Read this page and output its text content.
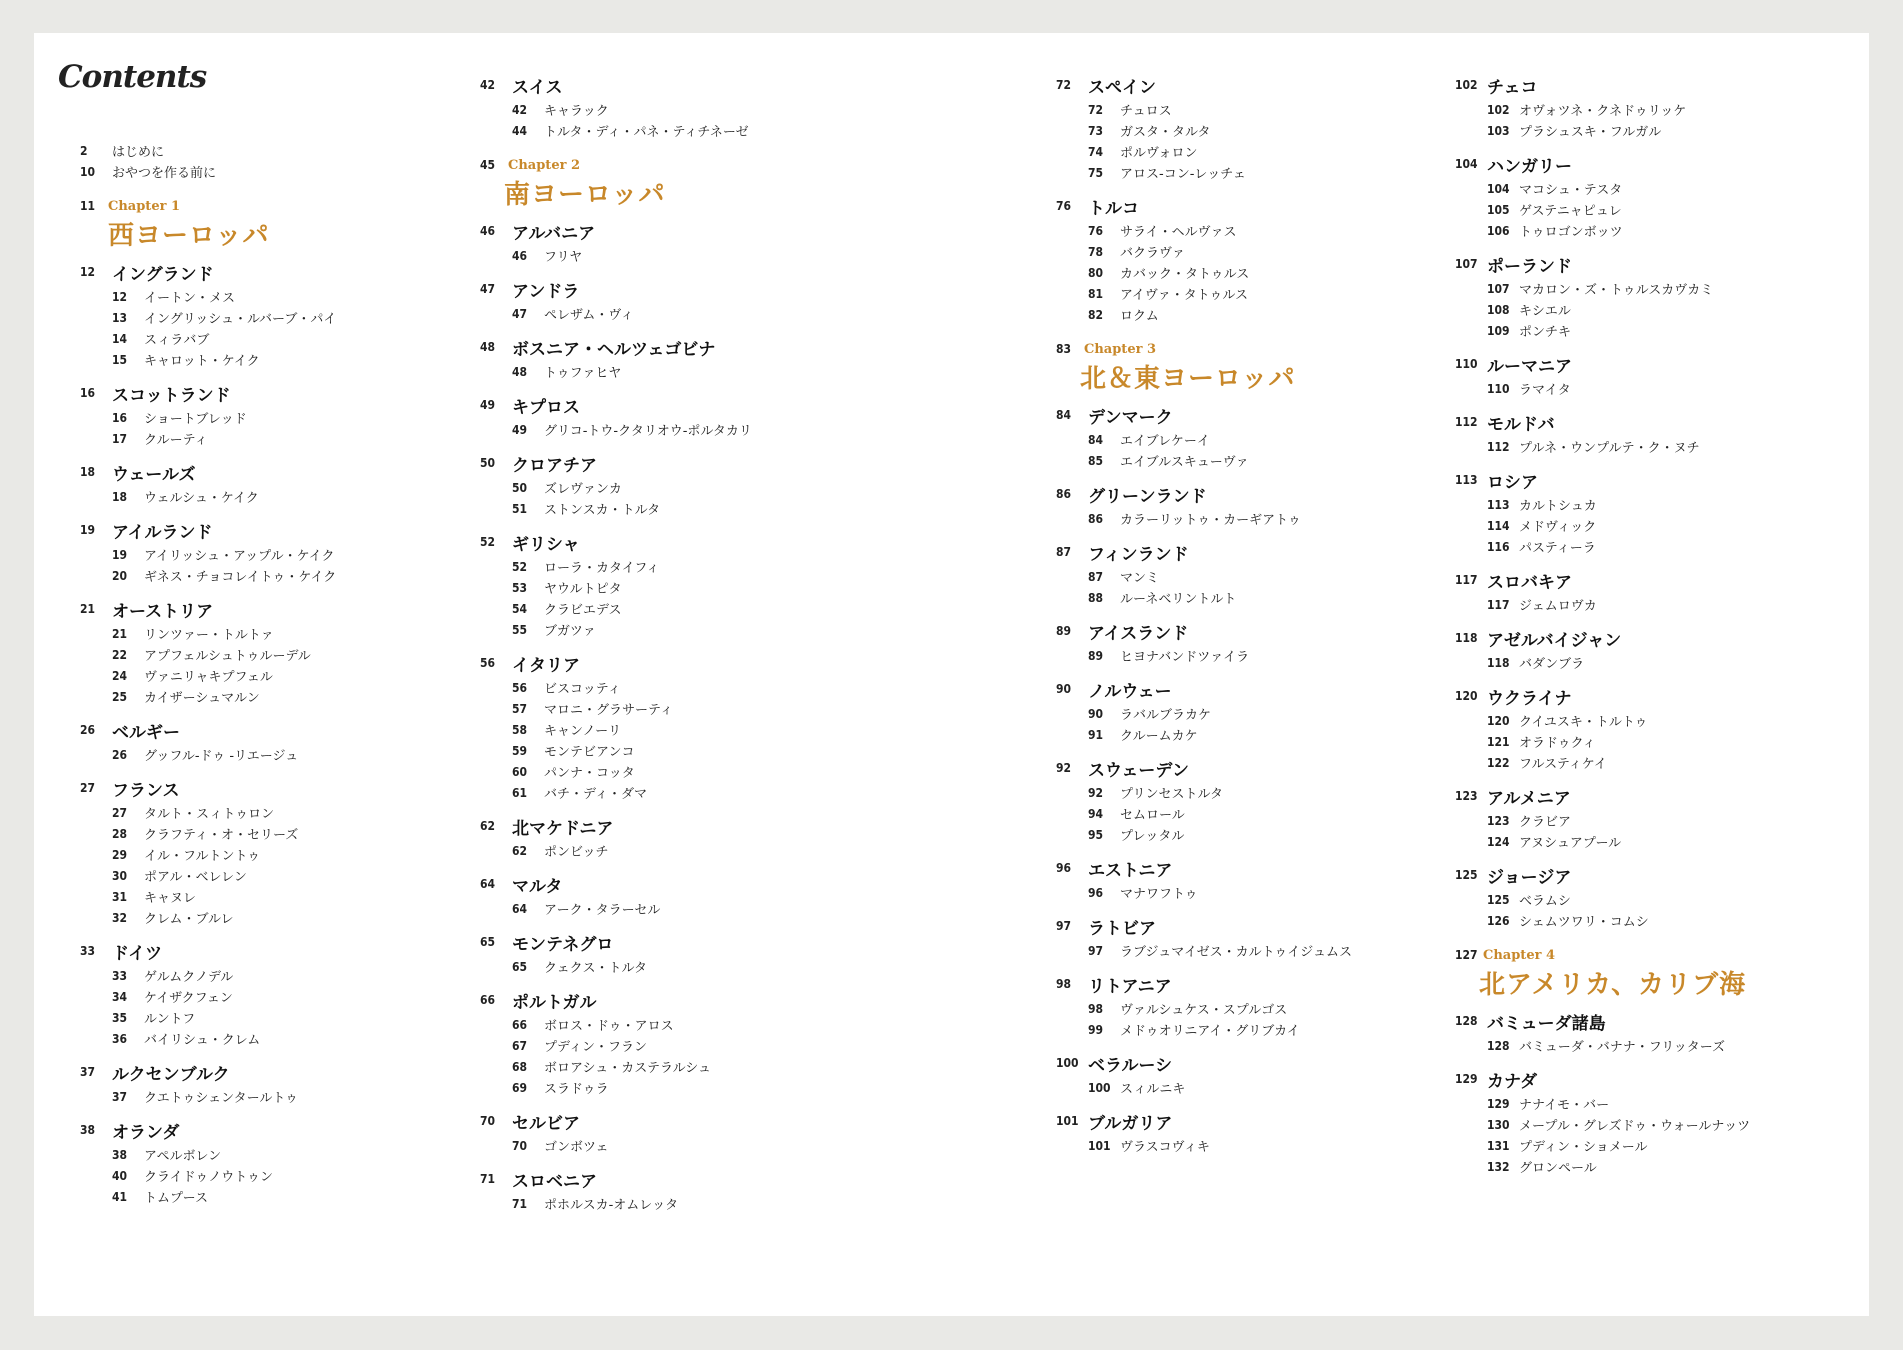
Contents
2	はじめに
10	おやつを作る前に
11 Chapter 1
西ヨーロッパ
12 イングランド
12	イートン・メス
13	イングリッシュ・ルバーブ・パイ
14	スィラバブ
15	キャロット・ケイク
16 スコットランド
16	ショートブレッド
17	クルーティ
18 ウェールズ
18	ウェルシュ・ケイク
19 アイルランド
19	アイリッシュ・アップル・ケイク
20	ギネス・チョコレイトゥ・ケイク
21 オーストリア
21	リンツァー・トルトァ
22	アプフェルシュトゥルーデル
24	ヴァニリャキプフェル
25	カイザーシュマルン
26 ベルギー
26	グッフル-ドゥ -リエージュ
27 フランス
27	タルト・スィトゥロン
28	クラフティ・オ・セリーズ
29	イル・フルトントゥ
30	ポアル・ベレレン
31	キャヌレ
32	クレム・ブルレ
33 ドイツ
33	ゲルムクノデル
34	ケイザクフェン
35	ルントフ
36	バイリシュ・クレム
37 ルクセンブルク
37	クエトゥシェンタールトゥ
38 オランダ
38	アペルボレン
40	クライドゥノウトゥン
41	トムプース
42 スイス
42	キャラック
44	トルタ・ディ・パネ・ティチネーゼ
45 Chapter 2
南ヨーロッパ
46 アルバニア
46	フリヤ
47 アンドラ
47	ペレザム・ヴィ
48 ボスニア・ヘルツェゴビナ
48	トゥファヒヤ
49 キプロス
49	グリコ-トウ-クタリオウ-ポルタカリ
50 クロアチア
50	ズレヴァンカ
51	ストンスカ・トルタ
52 ギリシャ
52	ローラ・カタイフィ
53	ヤウルトピタ
54	クラビエデス
55	ブガツァ
56 イタリア
56	ビスコッティ
57	マロニ・グラサーティ
58	キャンノーリ
59	モンテビアンコ
60	パンナ・コッタ
61	バチ・ディ・ダマ
62 北マケドニア
62	ポンビッチ
64 マルタ
64	アーク・タラーセル
65 モンテネグロ
65	クェクス・トルタ
66 ポルトガル
66	ボロス・ドゥ・アロス
67	プディン・フラン
68	ボロアシュ・カステラルシュ
69	スラドゥラ
70 セルビア
70	ゴンボツェ
71 スロベニア
71	ポホルスカ-オムレッタ
72 スペイン
72	チュロス
73	ガスタ・タルタ
74	ポルヴォロン
75	アロス-コン-レッチェ
76 トルコ
76	サライ・ヘルヴァス
78	バクラヴァ
80	カバック・タトゥルス
81	アイヴァ・タトゥルス
82	ロクム
83 Chapter 3
北＆東ヨーロッパ
84 デンマーク
84	エイブレケーイ
85	エイブルスキューヴァ
86 グリーンランド
86	カラーリットゥ・カーギアトゥ
87 フィンランド
87	マンミ
88	ルーネベリントルト
89 アイスランド
89	ヒヨナバンドツァイラ
90 ノルウェー
90	ラバルブラカケ
91	クルームカケ
92 スウェーデン
92	プリンセストルタ
94	セムロール
95	プレッタル
96 エストニア
96	マナワフトゥ
97 ラトビア
97	ラブジュマイゼス・カルトゥイジュムス
98 リトアニア
98	ヴァルシュケス・スプルゴス
99	メドゥオリニアイ・グリブカイ
100 ベラルーシ
100 スィルニキ
101 ブルガリア
101 ヴラスコヴィキ
102 チェコ
102 オヴォツネ・クネドゥリッケ
103 プラシュスキ・フルガル
104 ハンガリー
104 マコシュ・テスタ
105 ゲステニャピュレ
106 トゥロゴンボッツ
107 ポーランド
107 マカロン・ズ・トゥルスカヴカミ
108 キシエル
109 ポンチキ
110 ルーマニア
110 ラマイタ
112 モルドバ
112 プルネ・ウンプルテ・ク・ヌチ
113 ロシア
113 カルトシュカ
114 メドヴィック
116 パスティーラ
117 スロバキア
117 ジェムロヴカ
118 アゼルバイジャン
118 バダンブラ
120 ウクライナ
120 クイユスキ・トルトゥ
121 オラドゥクィ
122 フルスティケイ
123 アルメニア
123 クラビア
124 アヌシュアプール
125 ジョージア
125 ベラムシ
126 シェムツワリ・コムシ
127 Chapter 4
北アメリカ、カリブ海
128 バミューダ諸島
128 バミューダ・バナナ・フリッターズ
129 カナダ
129 ナナイモ・バー
130 メープル・グレズドゥ・ウォールナッツ
131 プディン・ショメール
132 グロンペール
